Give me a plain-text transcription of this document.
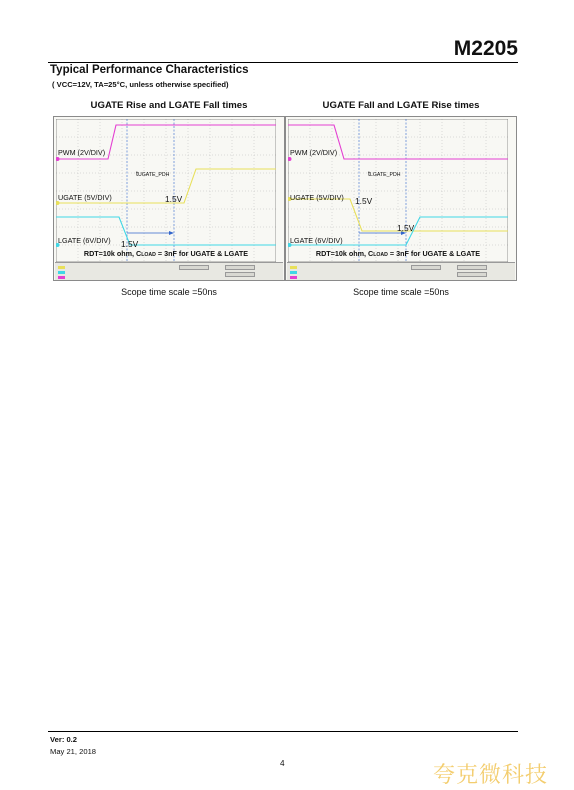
M2205
Typical Performance Characteristics
( VCC=12V, TA=25°C, unless otherwise specified)
UGATE Rise and LGATE Fall times
PWM (2V/DIV)
tUGATE_PDH
UGATE (5V/DIV)	1.5V
LGATE (6V/DIV) 1.5V
RDT=10k ohm, CLOAD = 3nF for UGATE & LGATE
Scope time scale =50ns
UGATE Fall and LGATE Rise times
PWM (2V/DIV)
tLGATE_PDH
UGATE (5V/DIV) 1.5V
LGATE (6V/DIV)
1.5V
RDT=10k ohm, CLOAD = 3nF for UGATE & LGATE
Scope time scale =50ns
Ver: 0.2
May 21, 2018
4	夸克微科技
